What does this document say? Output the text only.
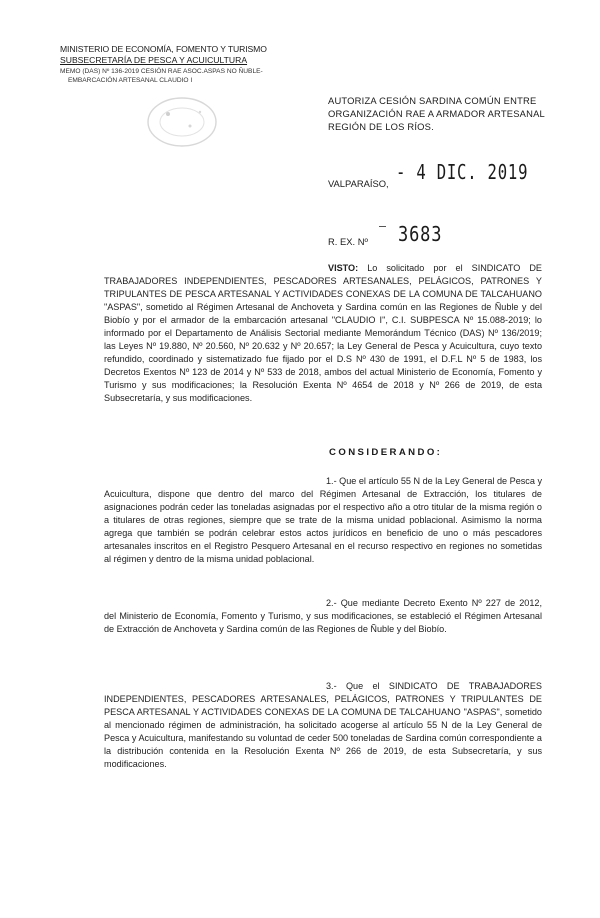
MINISTERIO DE ECONOMÍA, FOMENTO Y TURISMO
SUBSECRETARÍA DE PESCA Y ACUICULTURA
MEMO (DAS) Nº 136-2019 CESIÓN RAE ASOC.ASPAS NO ÑUBLE-
EMBARCACIÓN ARTESANAL CLAUDIO I
AUTORIZA CESIÓN SARDINA COMÚN ENTRE ORGANIZACIÓN RAE A ARMADOR ARTESANAL REGIÓN DE LOS RÍOS.
VALPARAÍSO, - 4 DIC. 2019
R. EX. Nº 3683
VISTO: Lo solicitado por el SINDICATO DE TRABAJADORES INDEPENDIENTES, PESCADORES ARTESANALES, PELÁGICOS, PATRONES Y TRIPULANTES DE PESCA ARTESANAL Y ACTIVIDADES CONEXAS DE LA COMUNA DE TALCAHUANO "ASPAS", sometido al Régimen Artesanal de Anchoveta y Sardina común en las Regiones de Ñuble y del Biobío y por el armador de la embarcación artesanal "CLAUDIO I", C.I. SUBPESCA Nº 15.088-2019; lo informado por el Departamento de Análisis Sectorial mediante Memorándum Técnico (DAS) Nº 136/2019; las Leyes Nº 19.880, Nº 20.560, Nº 20.632 y Nº 20.657; la Ley General de Pesca y Acuicultura, cuyo texto refundido, coordinado y sistematizado fue fijado por el D.S Nº 430 de 1991, el D.F.L Nº 5 de 1983, los Decretos Exentos Nº 123 de 2014 y Nº 533 de 2018, ambos del actual Ministerio de Economía, Fomento y Turismo y sus modificaciones; la Resolución Exenta Nº 4654 de 2018 y Nº 266 de 2019, de esta Subsecretaría, y sus modificaciones.
CONSIDERANDO:
1.- Que el artículo 55 N de la Ley General de Pesca y Acuicultura, dispone que dentro del marco del Régimen Artesanal de Extracción, los titulares de asignaciones podrán ceder las toneladas asignadas por el respectivo año a otro titular de la misma región o a titulares de otras regiones, siempre que se trate de la misma unidad poblacional. Asimismo la norma agrega que también se podrán celebrar estos actos jurídicos en beneficio de uno o más pescadores artesanales inscritos en el Registro Pesquero Artesanal en el recurso respectivo en regiones no sometidas al régimen y dentro de la misma unidad poblacional.
2.- Que mediante Decreto Exento Nº 227 de 2012, del Ministerio de Economía, Fomento y Turismo, y sus modificaciones, se estableció el Régimen Artesanal de Extracción de Anchoveta y Sardina común de las Regiones de Ñuble y del Biobío.
3.- Que el SINDICATO DE TRABAJADORES INDEPENDIENTES, PESCADORES ARTESANALES, PELÁGICOS, PATRONES Y TRIPULANTES DE PESCA ARTESANAL Y ACTIVIDADES CONEXAS DE LA COMUNA DE TALCAHUANO "ASPAS", sometido al mencionado régimen de administración, ha solicitado acogerse al artículo 55 N de la Ley General de Pesca y Acuicultura, manifestando su voluntad de ceder 500 toneladas de Sardina común correspondiente a la distribución contenida en la Resolución Exenta Nº 266 de 2019, de esta Subsecretaría, y sus modificaciones.
